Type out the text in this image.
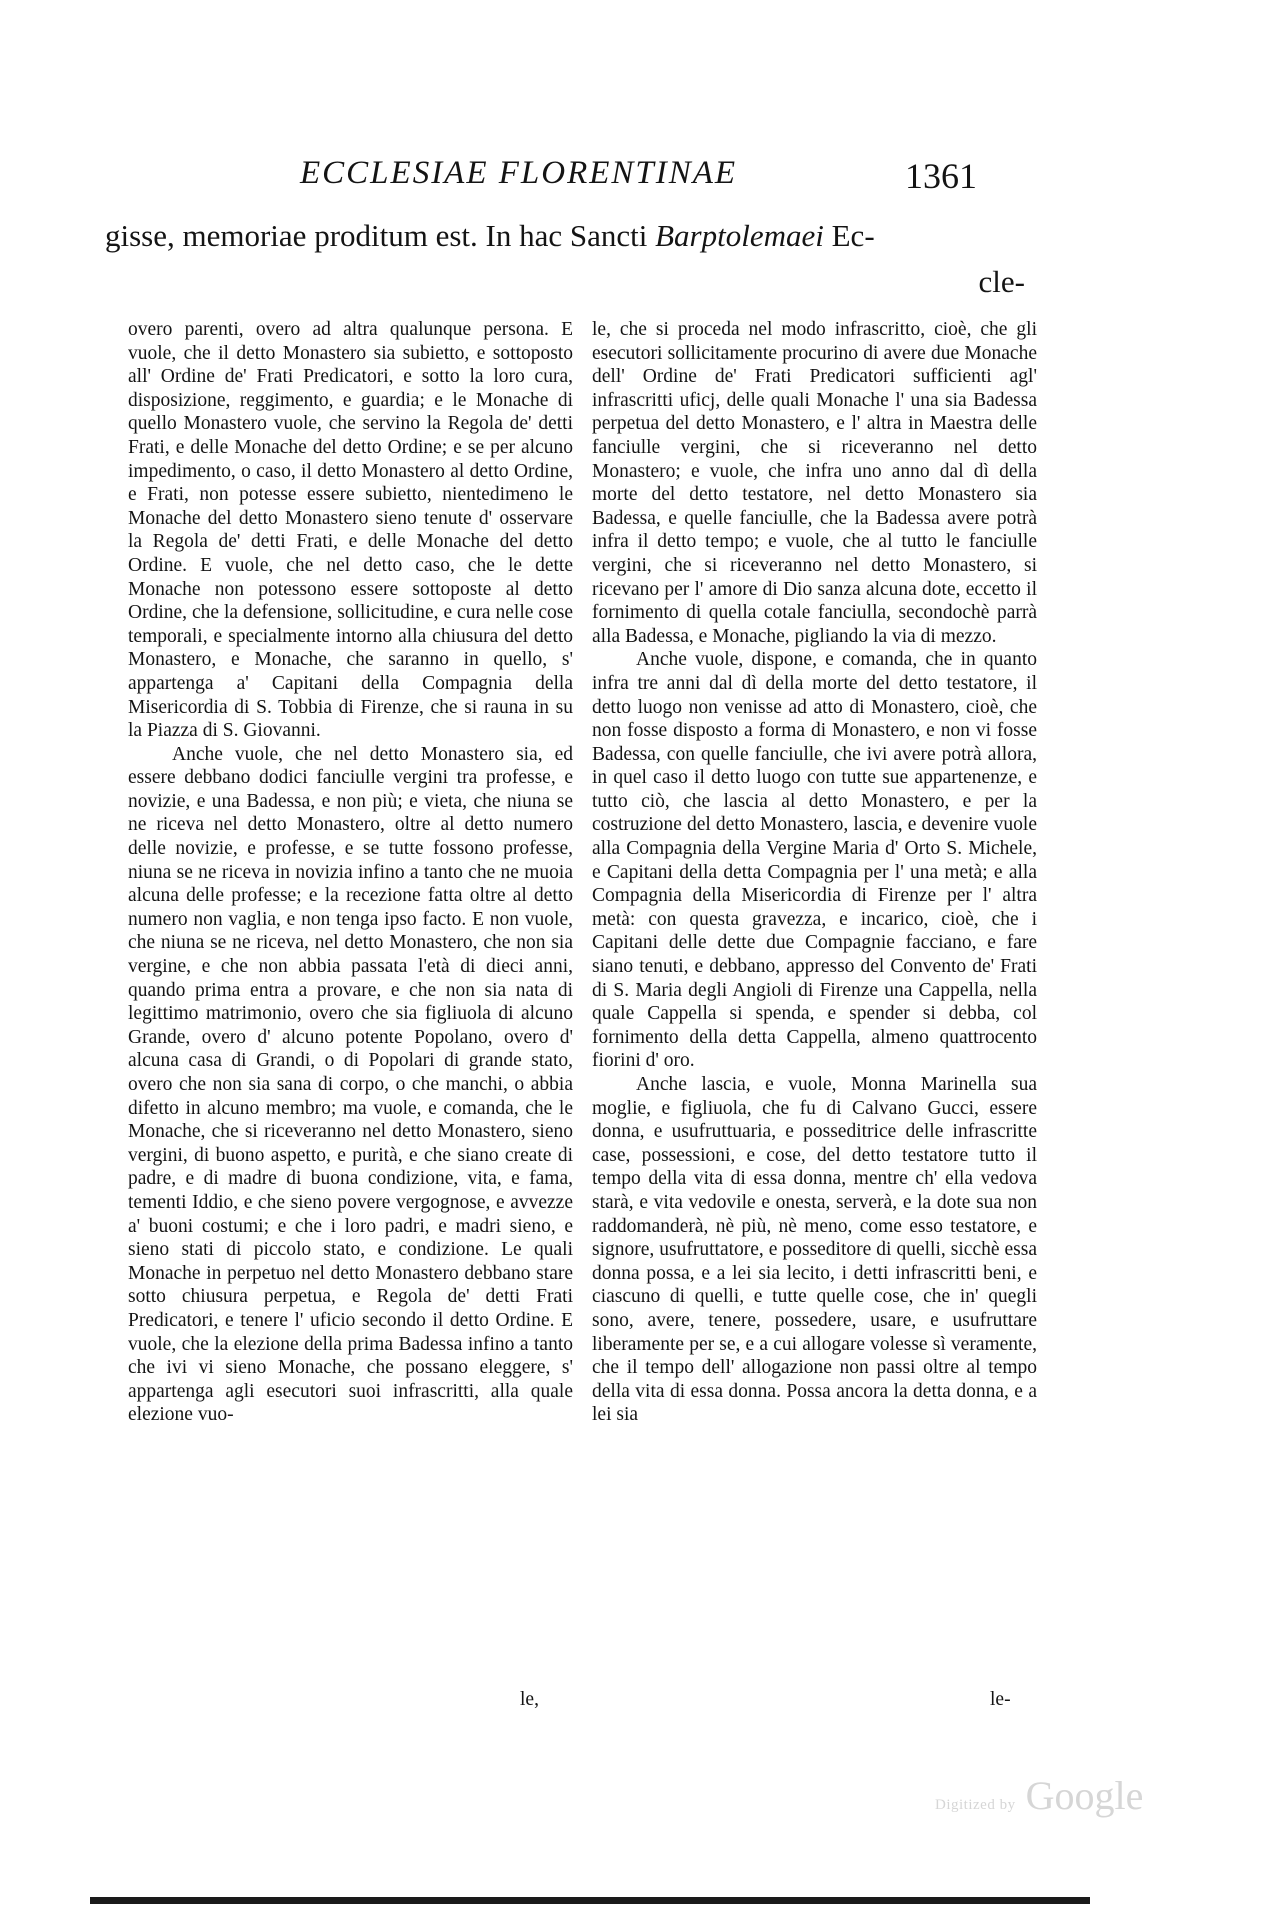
ECCLESIAE FLORENTINAE	1361
gisse, memoriae proditum est. In hac Sancti Barptolemaei Ec-
cle-

overo parenti, overo ad altra qualunque persona. E vuole, che il detto Monastero sia subietto, e sottoposto all' Ordine de' Frati Predicatori, e sotto la loro cura, disposizione, reggimento, e guardia; e le Monache di quello Monastero vuole, che servino la Regola de' detti Frati, e delle Monache del detto Ordine; e se per alcuno impedimento, o caso, il detto Monastero al detto Ordine, e Frati, non potesse essere subietto, nientedimeno le Monache del detto Monastero sieno tenute d' osservare la Regola de' detti Frati, e delle Monache del detto Ordine. E vuole, che nel detto caso, che le dette Monache non potessono essere sottoposte al detto Ordine, che la defensione, sollicitudine, e cura nelle cose temporali, e specialmente intorno alla chiusura del detto Monastero, e Monache, che saranno in quello, s' appartenga a' Capitani della Compagnia della Misericordia di S. Tobbia di Firenze, che si rauna in su la Piazza di S. Giovanni.

Anche vuole, che nel detto Monastero sia, ed essere debbano dodici fanciulle vergini tra professe, e novizie, e una Badessa, e non più; e vieta, che niuna se ne riceva nel detto Monastero, oltre al detto numero delle novizie, e professe, e se tutte fossono professe, niuna se ne riceva in novizia infino a tanto che ne muoia alcuna delle professe; e la recezione fatta oltre al detto numero non vaglia, e non tenga ipso facto. E non vuole, che niuna se ne riceva, nel detto Monastero, che non sia vergine, e che non abbia passata l'età di dieci anni, quando prima entra a provare, e che non sia nata di legittimo matrimonio, overo che sia figliuola di alcuno Grande, overo d' alcuno potente Popolano, overo d' alcuna casa di Grandi, o di Popolari di grande stato, overo che non sia sana di corpo, o che manchi, o abbia difetto in alcuno membro; ma vuole, e comanda, che le Monache, che si riceveranno nel detto Monastero, sieno vergini, di buono aspetto, e purità, e che siano create di padre, e di madre di buona condizione, vita, e fama, tementi Iddio, e che sieno povere vergognose, e avvezze a' buoni costumi; e che i loro padri, e madri sieno, e sieno stati di piccolo stato, e condizione. Le quali Monache in perpetuo nel detto Monastero debbano stare sotto chiusura perpetua, e Regola de' detti Frati Predicatori, e tenere l' uficio secondo il detto Ordine. E vuole, che la elezione della prima Badessa infino a tanto che ivi vi sieno Monache, che possano eleggere, s' appartenga agli esecutori suoi infrascritti, alla quale elezione vuo-

le,

le, che si proceda nel modo infrascritto, cioè, che gli esecutori sollicitamente procurino di avere due Monache dell' Ordine de' Frati Predicatori sufficienti agl' infrascritti uficj, delle quali Monache l' una sia Badessa perpetua del detto Monastero, e l' altra in Maestra delle fanciulle vergini, che si riceveranno nel detto Monastero; e vuole, che infra uno anno dal dì della morte del detto testatore, nel detto Monastero sia Badessa, e quelle fanciulle, che la Badessa avere potrà infra il detto tempo; e vuole, che al tutto le fanciulle vergini, che si riceveranno nel detto Monastero, si ricevano per l' amore di Dio sanza alcuna dote, eccetto il fornimento di quella cotale fanciulla, secondochè parrà alla Badessa, e Monache, pigliando la via di mezzo.

Anche vuole, dispone, e comanda, che in quanto infra tre anni dal dì della morte del detto testatore, il detto luogo non venisse ad atto di Monastero, cioè, che non fosse disposto a forma di Monastero, e non vi fosse Badessa, con quelle fanciulle, che ivi avere potrà allora, in quel caso il detto luogo con tutte sue appartenenze, e tutto ciò, che lascia al detto Monastero, e per la costruzione del detto Monastero, lascia, e devenire vuole alla Compagnia della Vergine Maria d' Orto S. Michele, e Capitani della detta Compagnia per l' una metà; e alla Compagnia della Misericordia di Firenze per l' altra metà: con questa gravezza, e incarico, cioè, che i Capitani delle dette due Compagnie facciano, e fare siano tenuti, e debbano, appresso del Convento de' Frati di S. Maria degli Angioli di Firenze una Cappella, nella quale Cappella si spenda, e spender si debba, col fornimento della detta Cappella, almeno quattrocento fiorini d' oro.

Anche lascia, e vuole, Monna Marinella sua moglie, e figliuola, che fu di Calvano Gucci, essere donna, e usufruttuaria, e posseditrice delle infrascritte case, possessioni, e cose, del detto testatore tutto il tempo della vita di essa donna, mentre ch' ella vedova starà, e vita vedovile e onesta, serverà, e la dote sua non raddomanderà, nè più, nè meno, come esso testatore, e signore, usufruttatore, e posseditore di quelli, sicchè essa donna possa, e a lei sia lecito, i detti infrascritti beni, e ciascuno di quelli, e tutte quelle cose, che in' quegli sono, avere, tenere, possedere, usare, e usufruttare liberamente per se, e a cui allogare volesse sì veramente, che il tempo dell' allogazione non passi oltre al tempo della vita di essa donna. Possa ancora la detta donna, e a lei sia

le-
Digitized by Google
